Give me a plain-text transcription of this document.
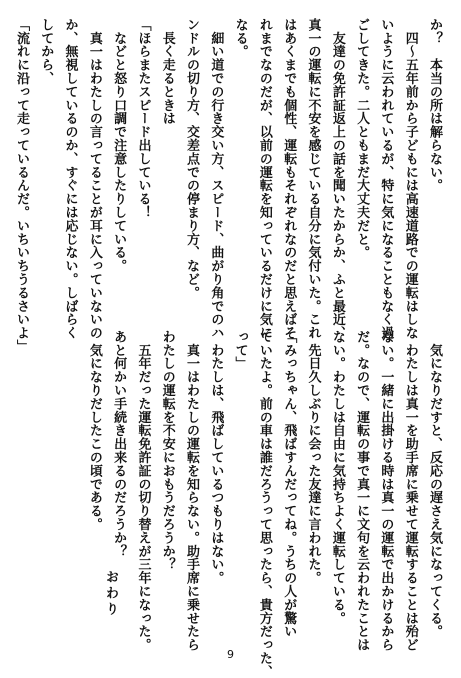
か？　本当の所は解らない。
　四～五年前から子どもには高速道路での運転はしな
いように云われているが、特に気になることもなく過
ごしてきた。二人ともまだ大丈夫だと。
　友達の免許証返上の話を聞いたからか、ふと最近、
真一の運転に不安を感じている自分に気付いた。これ
はあくまでも個性、運転もそれぞれなのだと思えばそ
れまでなのだが、以前の運転を知っているだけに気に
なる。
　細い道での行き交い方、スピード、曲がり角でのハ
ンドルの切り方、交差点での停まり方、など。
　長く走るときは
「ほらまたスピード出している！
　などと怒り口調で注意したりしている。
　真一はわたしの言ってることが耳に入っていないの
か、無視しているのか、すぐには応じない。しばらく
してから、
「流れに沿って走っているんだ。いちいちうるさいよ」
　気になりだすと、反応の遅さえ気になってくる。
　わたしは真一を助手席に乗せて運転することは殆ど
ない。一緒に出掛ける時は真一の運転で出かけるから
だ。なので、運転の事で真一に文句を云われたことは
ない。わたしは自由に気持ちよく運転している。
　先日久しぶりに会った友達に言われた。
「みっちゃん、飛ばすんだってね。うちの人が驚い
ていたよ。前の車は誰だろうって思ったら、貴方だった、
って」
　わたしは、飛ばしているつもりはない。
　真一はわたしの運転を知らない。助手席に乗せたら
わたしの運転を不安におもうだろうか？
　五年だった運転免許証の切り替えが三年になった。
あと何かい手続き出来るのだろうか？
　気になりだしたこの頃である。
おわり
9
